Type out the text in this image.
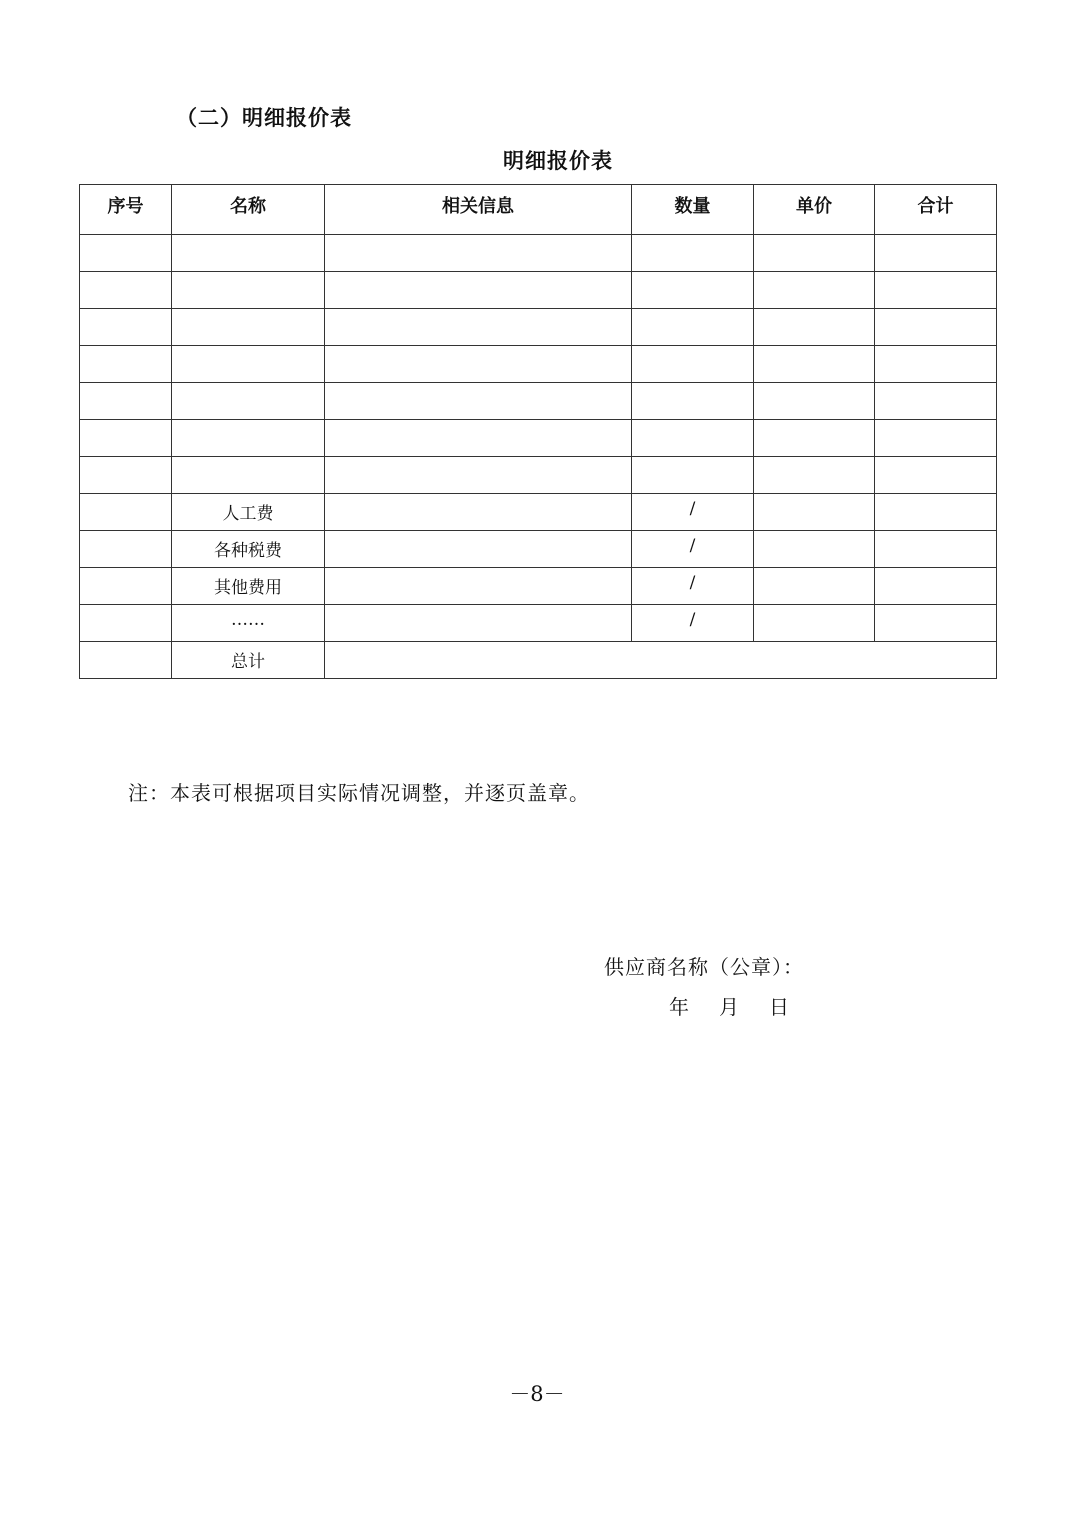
（二）明细报价表
明细报价表
序号	名称	相关信息	数量	单价	合计

	人工费		/		
	各种税费		/		
	其他费用		/		
	……		/		
	总计				
注：本表可根据项目实际情况调整，并逐页盖章。
供应商名称（公章）：
年 月 日
－8－
